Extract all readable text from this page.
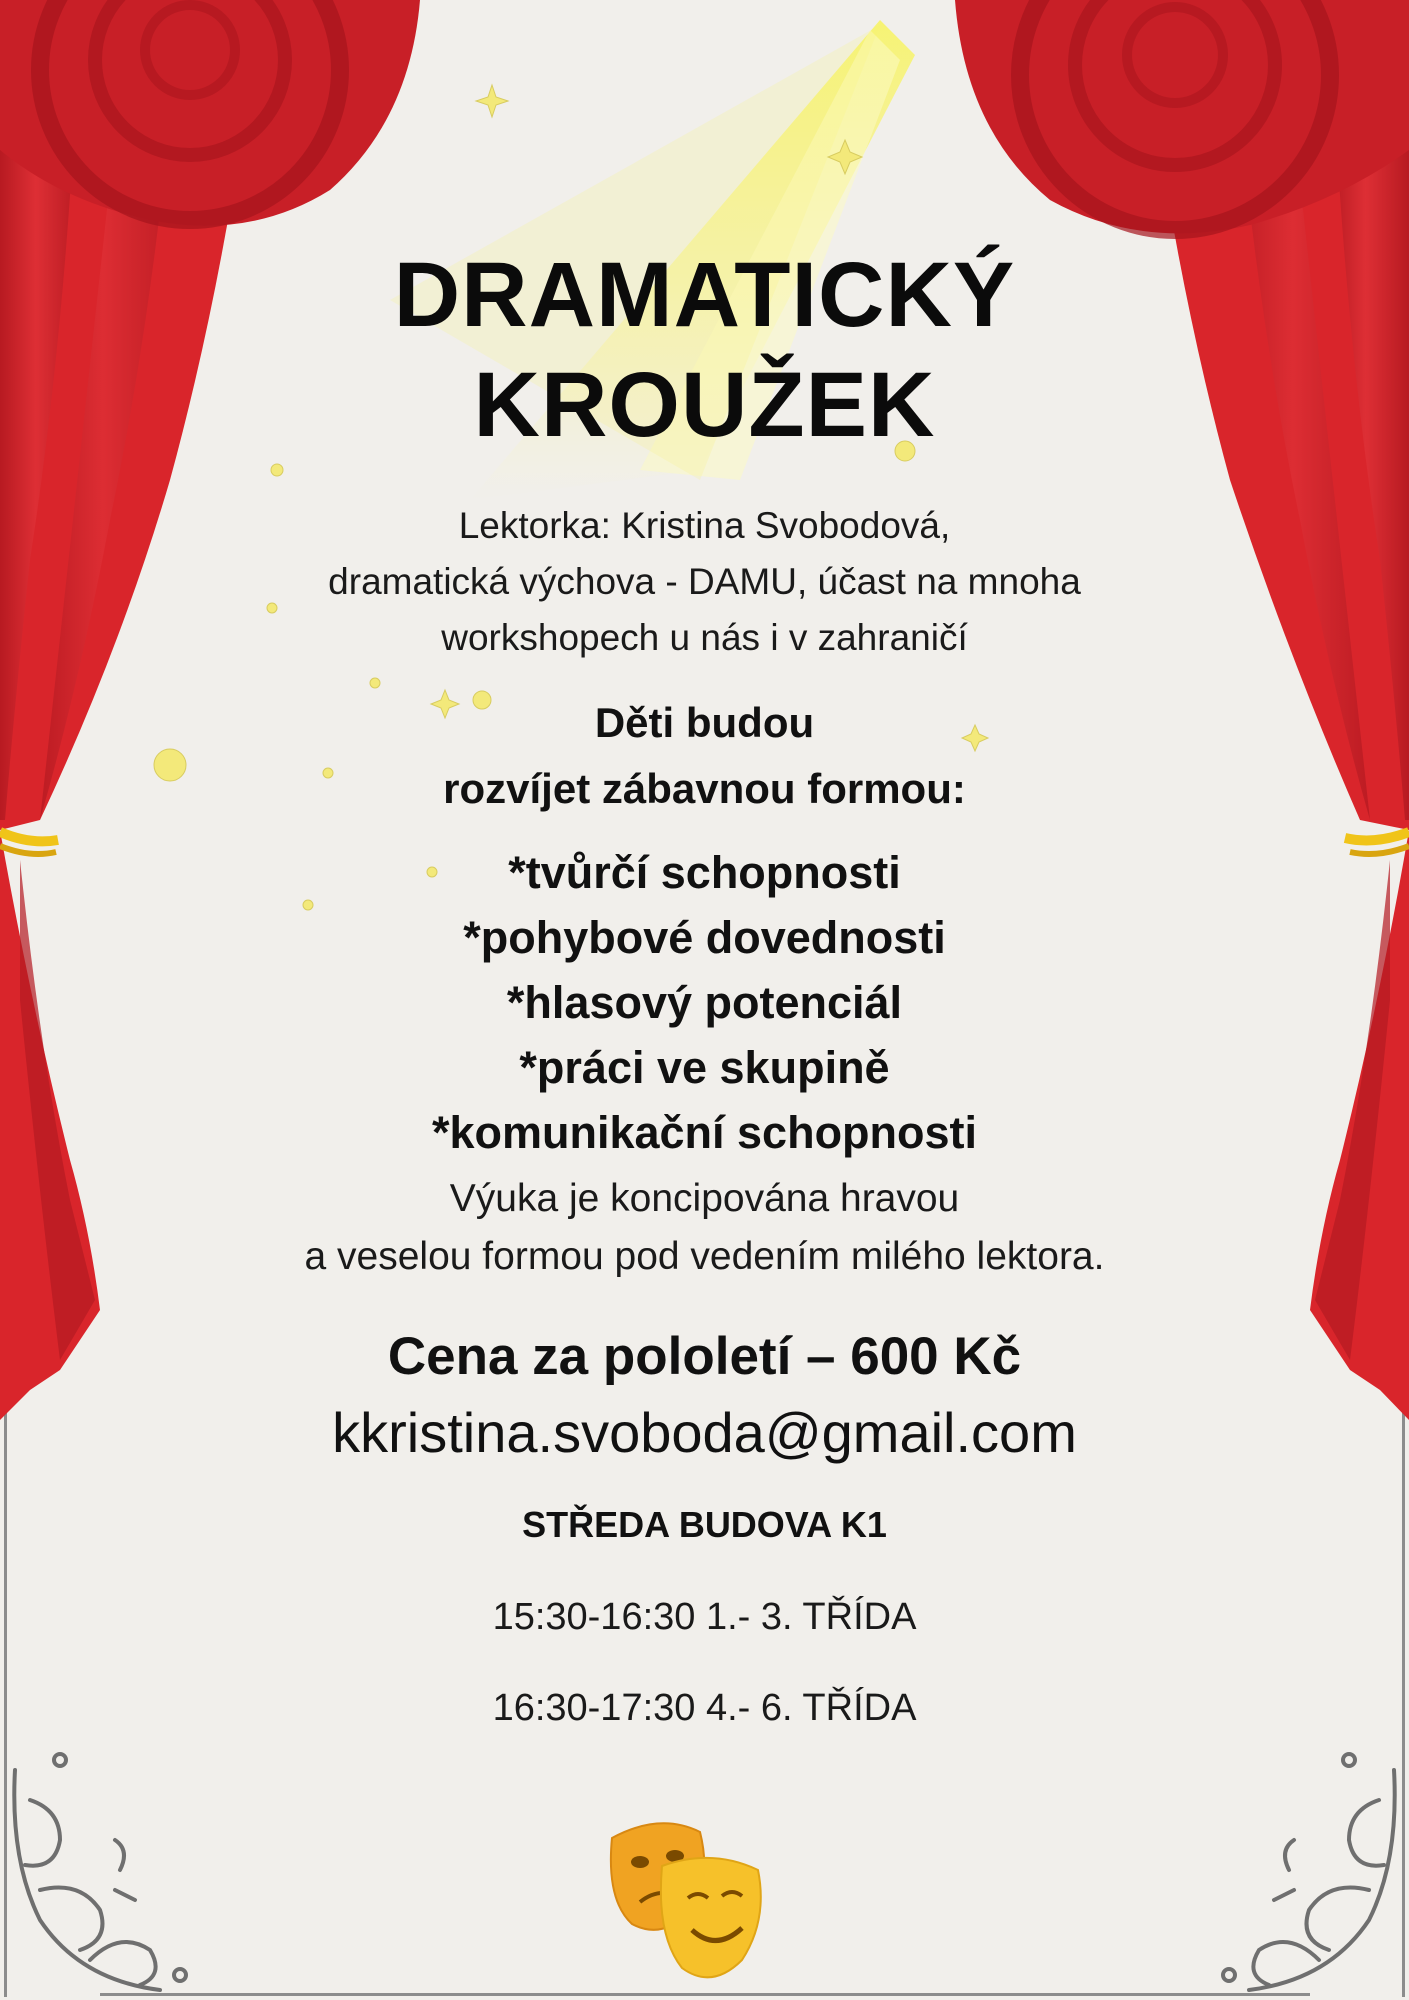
DRAMATICKÝ
KROUŽEK
Lektorka: Kristina Svobodová,
dramatická výchova - DAMU, účast na mnoha
workshopech u nás i v zahraničí
Děti budou
rozvíjet zábavnou formou:
*tvůrčí schopnosti
*pohybové dovednosti
*hlasový potenciál
*práci ve skupině
*komunikační schopnosti
Výuka je koncipována hravou
a veselou formou pod vedením milého lektora.
Cena za pololetí – 600 Kč
kkristina.svoboda@gmail.com
STŘEDA BUDOVA K1
15:30-16:30 1.- 3. TŘÍDA
16:30-17:30 4.- 6. TŘÍDA
